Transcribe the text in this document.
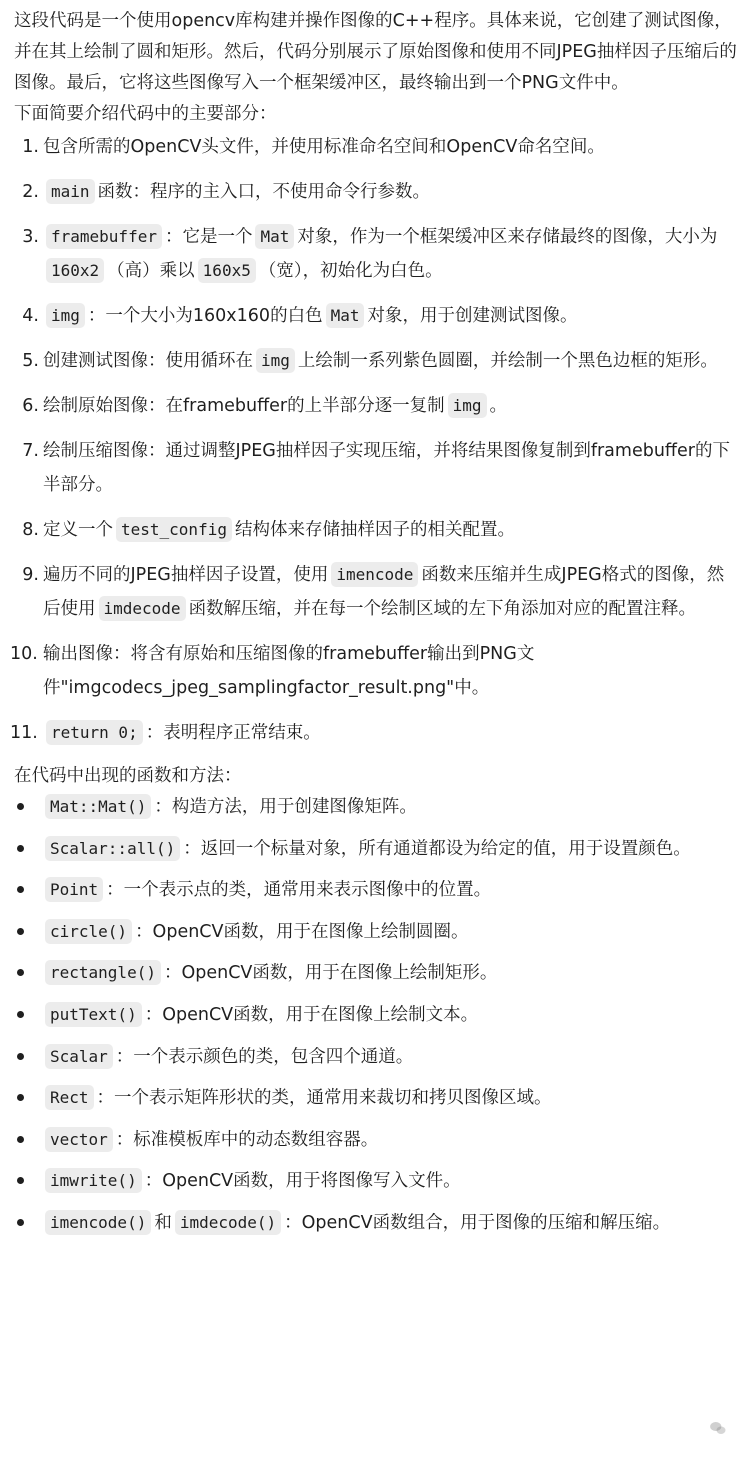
这段代码是一个使用opencv库构建并操作图像的C++程序。具体来说，它创建了测试图像，并在其上绘制了圆和矩形。然后，代码分别展示了原始图像和使用不同JPEG抽样因子压缩后的图像。最后，它将这些图像写入一个框架缓冲区，最终输出到一个PNG文件中。

下面简要介绍代码中的主要部分：

1. 包含所需的OpenCV头文件，并使用标准命名空间和OpenCV命名空间。
2. main 函数：程序的主入口，不使用命令行参数。
3. framebuffer ：它是一个 Mat 对象，作为一个框架缓冲区来存储最终的图像，大小为160x2 （高）乘以 160x5 （宽），初始化为白色。
4. img ：一个大小为160x160的白色 Mat 对象，用于创建测试图像。
5. 创建测试图像：使用循环在 img 上绘制一系列紫色圆圈，并绘制一个黑色边框的矩形。
6. 绘制原始图像：在framebuffer的上半部分逐一复制 img 。
7. 绘制压缩图像：通过调整JPEG抽样因子实现压缩，并将结果图像复制到framebuffer的下半部分。
8. 定义一个 test_config 结构体来存储抽样因子的相关配置。
9. 遍历不同的JPEG抽样因子设置，使用 imencode 函数来压缩并生成JPEG格式的图像，然后使用 imdecode 函数解压缩，并在每一个绘制区域的左下角添加对应的配置注释。
10. 输出图像：将含有原始和压缩图像的framebuffer输出到PNG文件"imgcodecs_jpeg_samplingfactor_result.png"中。
11. return 0; ：表明程序正常结束。

在代码中出现的函数和方法：

Mat::Mat() ：构造方法，用于创建图像矩阵。
Scalar::all() ：返回一个标量对象，所有通道都设为给定的值，用于设置颜色。
Point ：一个表示点的类，通常用来表示图像中的位置。
circle() ：OpenCV函数，用于在图像上绘制圆圈。
rectangle() ：OpenCV函数，用于在图像上绘制矩形。
putText() ：OpenCV函数，用于在图像上绘制文本。
Scalar ：一个表示颜色的类，包含四个通道。
Rect ：一个表示矩阵形状的类，通常用来裁切和拷贝图像区域。
vector ：标准模板库中的动态数组容器。
imwrite() ：OpenCV函数，用于将图像写入文件。
imencode() 和 imdecode() ：OpenCV函数组合，用于图像的压缩和解压缩。
